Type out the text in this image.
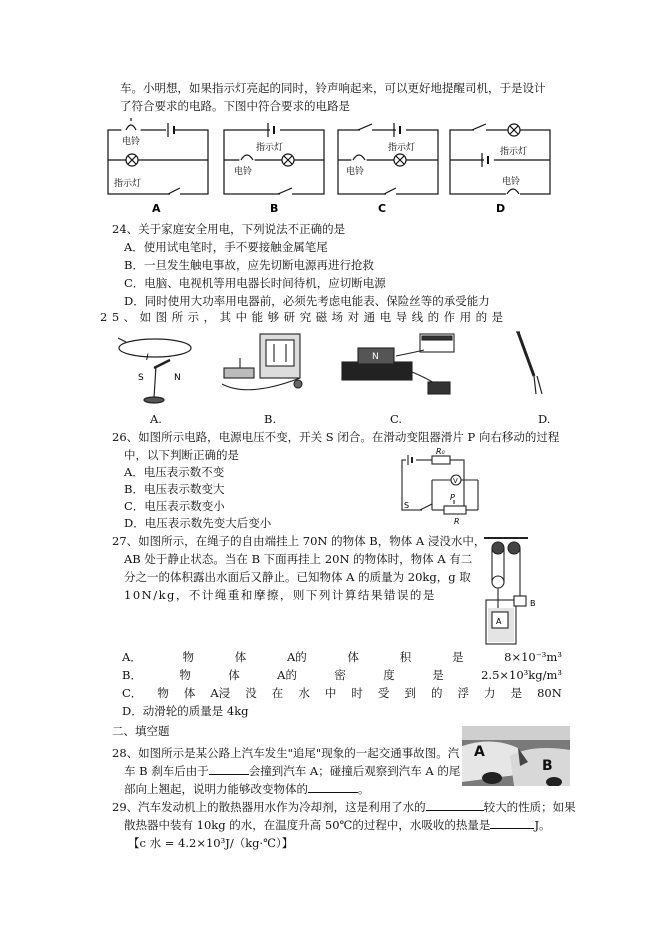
车。小明想，如果指示灯亮起的同时，铃声响起来，可以更好地提醒司机，于是设计
了符合要求的电路。下图中符合要求的电路是
电铃
指示灯
指示灯
电铃
指示灯
电铃
指示灯
电铃
A	B	C	D
24、关于家庭安全用电，下列说法不正确的是
A．使用试电笔时，手不要接触金属笔尾
B．一旦发生触电事故，应先切断电源再进行抢救
C．电脑、电视机等用电器长时间待机，应切断电源
D．同时使用大功率用电器前，必须先考虑电能表、保险丝等的承受能力
25、如图所示，其中能够研究磁场对通电导线的作用的是
I
S	N
N
A.	B.	C.	D.
26、如图所示电路，电源电压不变，开关 S 闭合。在滑动变阻器滑片 P 向右移动的过程
中，以下判断正确的是
A．电压表示数不变
B．电压表示数变大
C．电压表示数变小
D．电压表示数先变大后变小
R₀
V
S
P
R
27、如图所示，在绳子的自由端挂上 70N 的物体 B，物体 A 浸没水中，
AB 处于静止状态。当在 B 下面再挂上 20N 的物体时，物体 A 有二
分之一的体积露出水面后又静止。已知物体 A 的质量为 20kg，g 取
10N/kg，不计绳重和摩擦，则下列计算结果错误的是
A
B
A．	物	体	A的	体	积	是	8×10⁻³m³
B．	物	体	A的	密	度	是	2.5×10³kg/m³
C． 物 体 A浸 没 在 水 中 时 受 到 的 浮 力 是 80N
D．动滑轮的质量是 4kg
二、填空题
28、如图所示是某公路上汽车发生"追尾"现象的一起交通事故图。汽
车 B 刹车后由于	会撞到汽车 A；碰撞后观察到汽车 A 的尾
部向上翘起，说明力能够改变物体的	。
A
B
29、汽车发动机上的散热器用水作为冷却剂，这是利用了水的	较大的性质；如果
散热器中装有 10kg 的水，在温度升高 50℃的过程中，水吸收的热量是	J。
【c 水 = 4.2×10³J/（kg·℃）】
